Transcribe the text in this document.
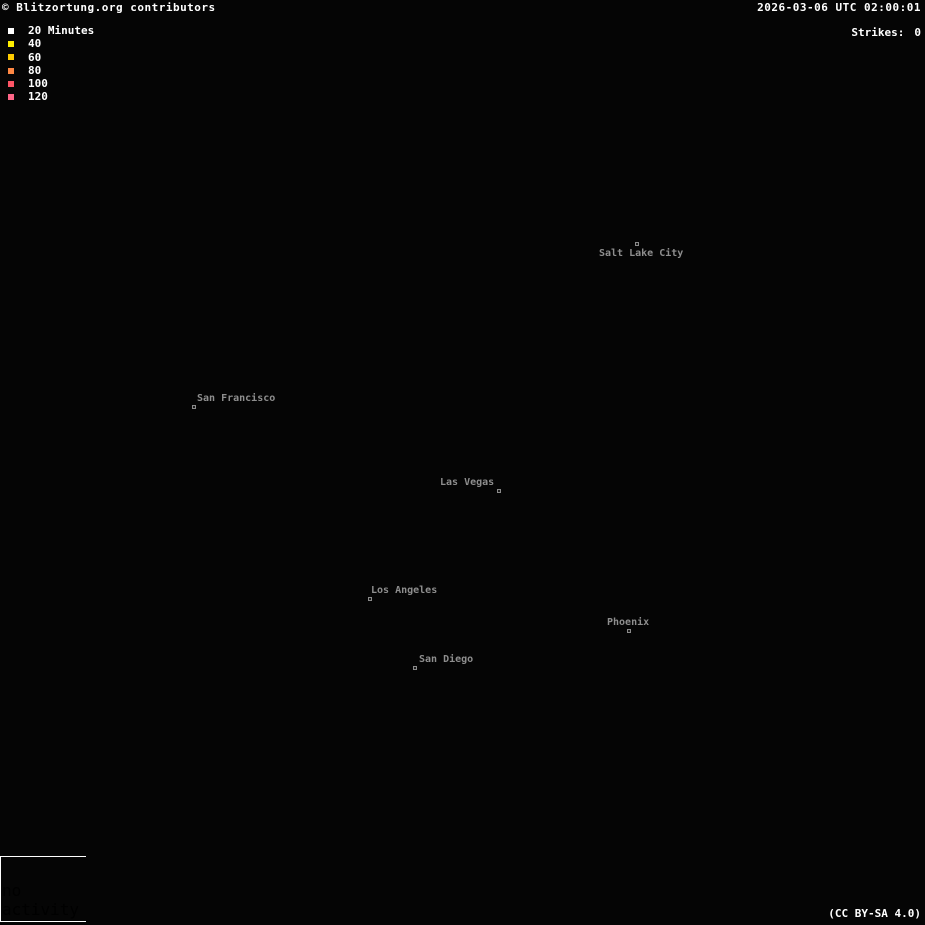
© Blitzortung.org contributors	2026-03-06 UTC 02:00:01
20 Minutes
40
60
80
100
120
Strikes: 0
Salt Lake City
San Francisco
Las Vegas
Los Angeles
Phoenix
San Diego
no
activity	(CC BY-SA 4.0)
